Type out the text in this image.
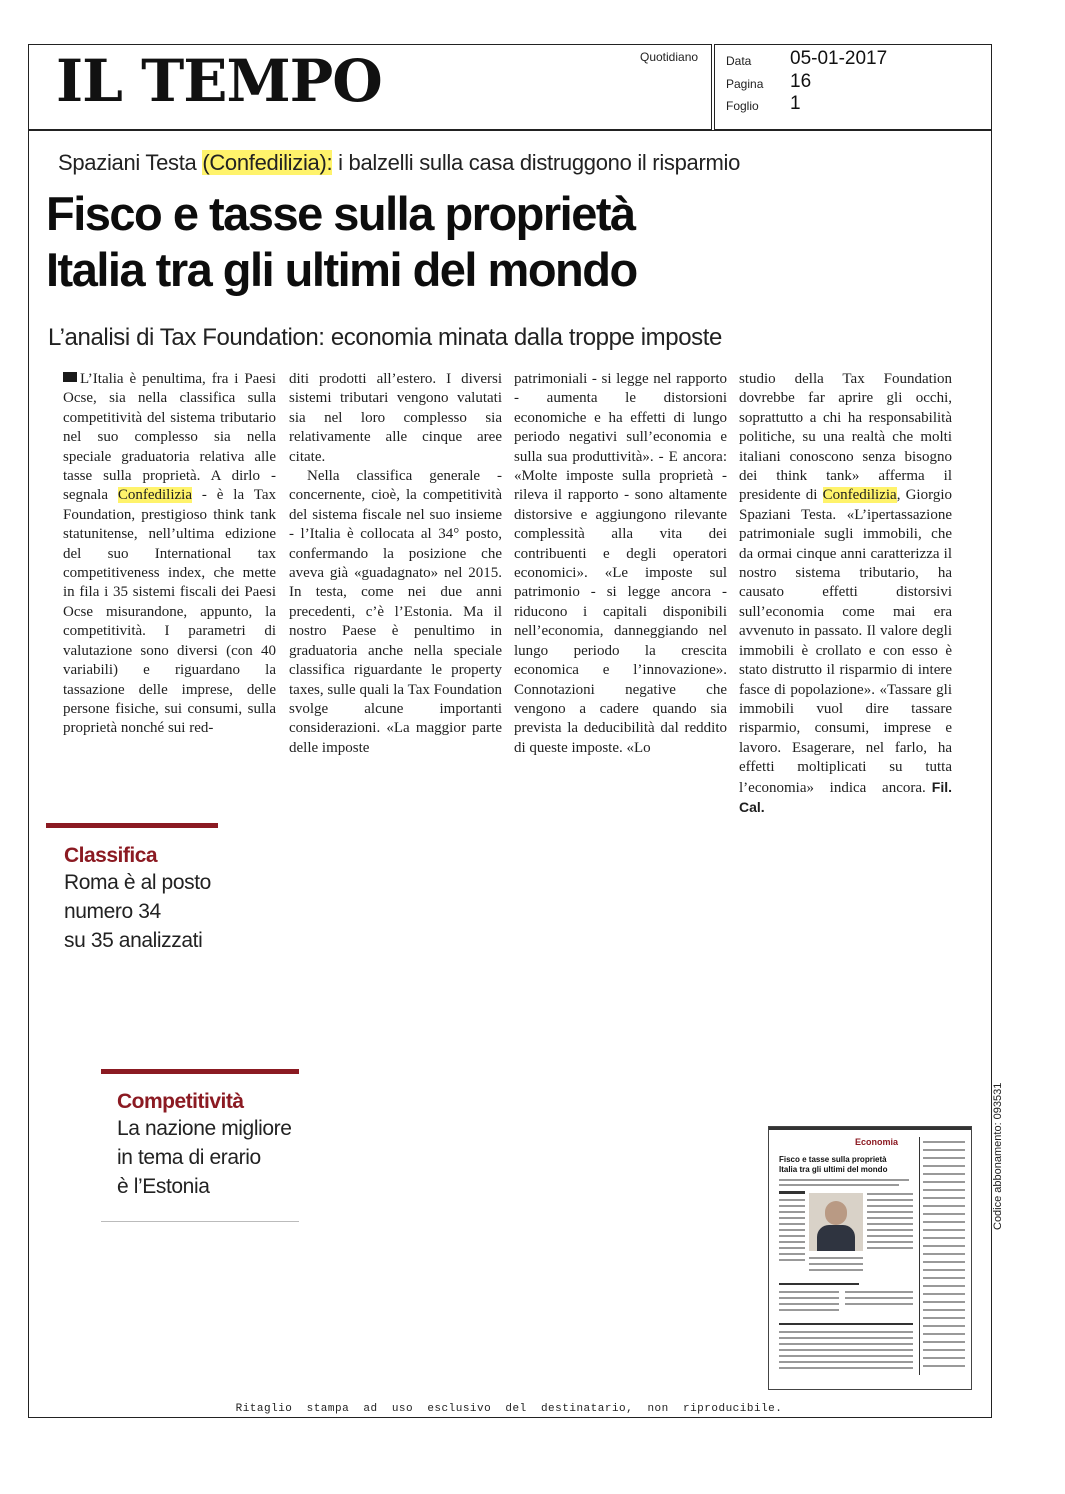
IL TEMPO	Quotidiano Data 05-01-2017
Pagina 16
Foglio 1
Spaziani Testa (Confedilizia): i balzelli sulla casa distruggono il risparmio
Fisco e tasse sulla proprietà
Italia tra gli ultimi del mondo
L’analisi di Tax Foundation: economia minata dalla troppe imposte
L’Italia è penultima, fra i Paesi Ocse, sia nella classifica sulla competitività del sistema tributario nel suo complesso sia nella speciale graduatoria relativa alle tasse sulla proprietà. A dirlo - segnala Confedilizia - è la Tax Foundation, prestigioso think tank statunitense, nell’ultima edizione del suo International tax competitiveness index, che mette in fila i 35 sistemi fiscali dei Paesi Ocse misurandone, appunto, la competitività. I parametri di valutazione sono diversi (con 40 variabili) e riguardano la tassazione delle imprese, delle persone fisiche, sui consumi, sulla proprietà nonché sui red-
diti prodotti all’estero. I diversi sistemi tributari vengono valutati sia nel loro complesso sia relativamente alle cinque aree citate.
Nella classifica generale - concernente, cioè, la competitività del sistema fiscale nel suo insieme - l’Italia è collocata al 34° posto, confermando la posizione che aveva già «guadagnato» nel 2015. In testa, come nei due anni precedenti, c’è l’Estonia. Ma il nostro Paese è penultimo in graduatoria anche nella speciale classifica riguardante le property taxes, sulle quali la Tax Foundation svolge alcune importanti considerazioni. «La maggior parte delle imposte
patrimoniali - si legge nel rapporto - aumenta le distorsioni economiche e ha effetti di lungo periodo negativi sull’economia e sulla sua produttività». - E ancora: «Molte imposte sulla proprietà - rileva il rapporto - sono altamente distorsive e aggiungono rilevante complessità alla vita dei contribuenti e degli operatori economici». «Le imposte sul patrimonio - si legge ancora - riducono i capitali disponibili nell’economia, danneggiando nel lungo periodo la crescita economica e l’innovazione». Connotazioni negative che vengono a cadere quando sia prevista la deducibilità dal reddito di queste imposte. «Lo
studio della Tax Foundation dovrebbe far aprire gli occhi, soprattutto a chi ha responsabilità politiche, su una realtà che molti italiani conoscono senza bisogno dei think tank» afferma il presidente di Confedilizia, Giorgio Spaziani Testa. «L’ipertassazione patrimoniale sugli immobili, che da ormai cinque anni caratterizza il nostro sistema tributario, ha causato effetti distorsivi sull’economia come mai era avvenuto in passato. Il valore degli immobili è crollato e con esso è stato distrutto il risparmio di intere fasce di popolazione». «Tassare gli immobili vuol dire tassare risparmio, consumi, imprese e lavoro. Esagerare, nel farlo, ha effetti moltiplicati su tutta l’economia» indica ancora. Fil. Cal.
Classifica
Roma è al posto
numero 34
su 35 analizzati
Competitività
La nazione migliore
in tema di erario
è l’Estonia
Economia
Fisco e tasse sulla proprietà
Italia tra gli ultimi del mondo	Codice abbonamento: 093531
Ritaglio  stampa  ad  uso  esclusivo  del  destinatario,  non  riproducibile.
